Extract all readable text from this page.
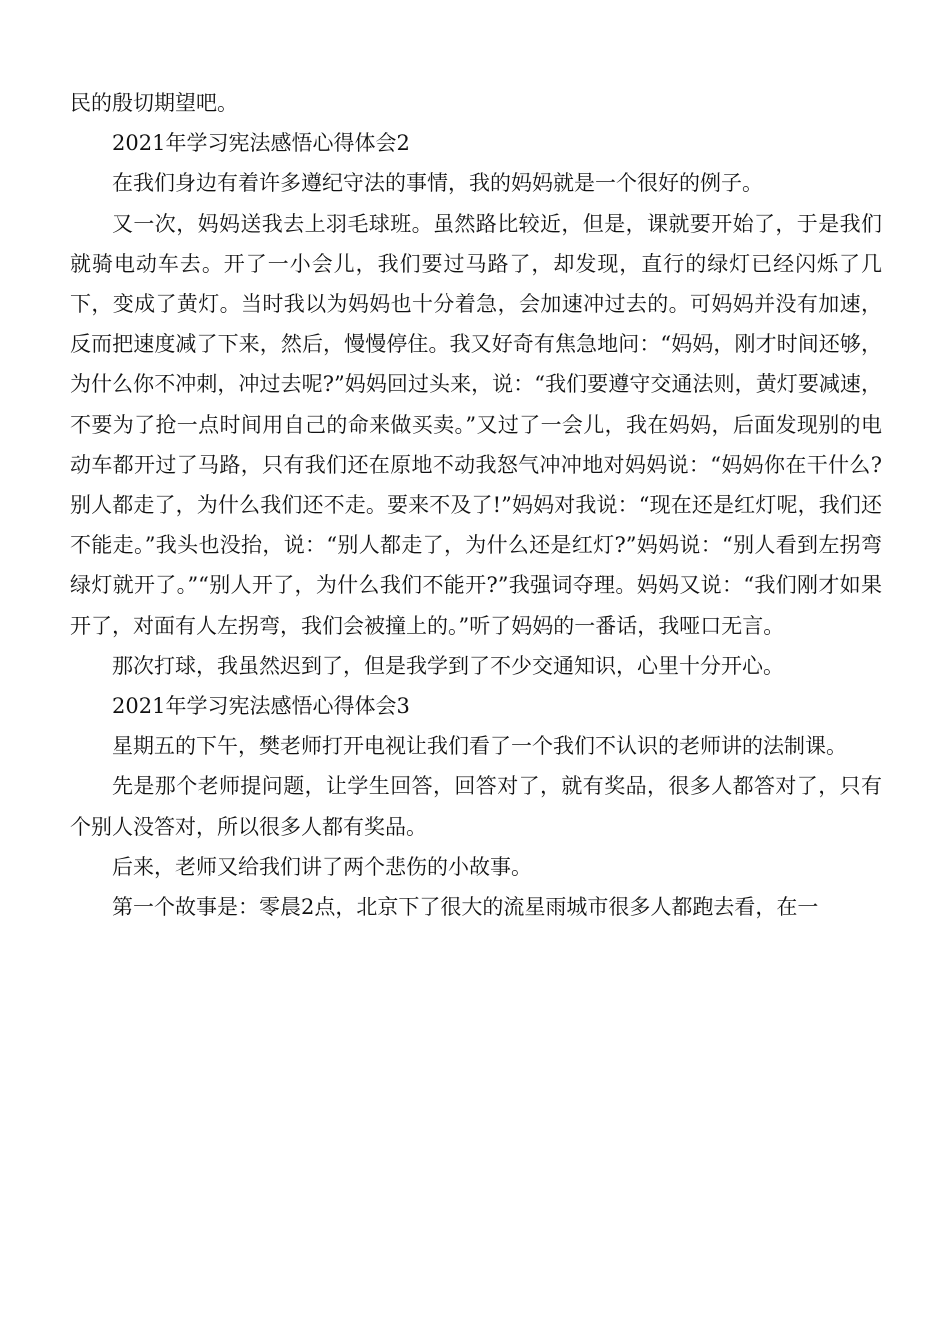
民的殷切期望吧。

2021年学习宪法感悟心得体会2

在我们身边有着许多遵纪守法的事情，我的妈妈就是一个很好的例子。

又一次，妈妈送我去上羽毛球班。虽然路比较近，但是，课就要开始了，于是我们就骑电动车去。开了一小会儿，我们要过马路了，却发现，直行的绿灯已经闪烁了几下，变成了黄灯。当时我以为妈妈也十分着急，会加速冲过去的。可妈妈并没有加速，反而把速度减了下来，然后，慢慢停住。我又好奇有焦急地问：“妈妈，刚才时间还够，为什么你不冲刺，冲过去呢?”妈妈回过头来，说：“我们要遵守交通法则，黄灯要减速，不要为了抢一点时间用自己的命来做买卖。”又过了一会儿，我在妈妈，后面发现别的电动车都开过了马路，只有我们还在原地不动我怒气冲冲地对妈妈说：“妈妈你在干什么?别人都走了，为什么我们还不走。要来不及了!”妈妈对我说：“现在还是红灯呢，我们还不能走。”我头也没抬，说：“别人都走了，为什么还是红灯?”妈妈说：“别人看到左拐弯绿灯就开了。”“别人开了，为什么我们不能开?”我强词夺理。妈妈又说：“我们刚才如果开了，对面有人左拐弯，我们会被撞上的。”听了妈妈的一番话，我哑口无言。

那次打球，我虽然迟到了，但是我学到了不少交通知识，心里十分开心。

2021年学习宪法感悟心得体会3

星期五的下午，樊老师打开电视让我们看了一个我们不认识的老师讲的法制课。

先是那个老师提问题，让学生回答，回答对了，就有奖品，很多人都答对了，只有个别人没答对，所以很多人都有奖品。

后来，老师又给我们讲了两个悲伤的小故事。

第一个故事是：零晨2点，北京下了很大的流星雨城市很多人都跑去看，在一
